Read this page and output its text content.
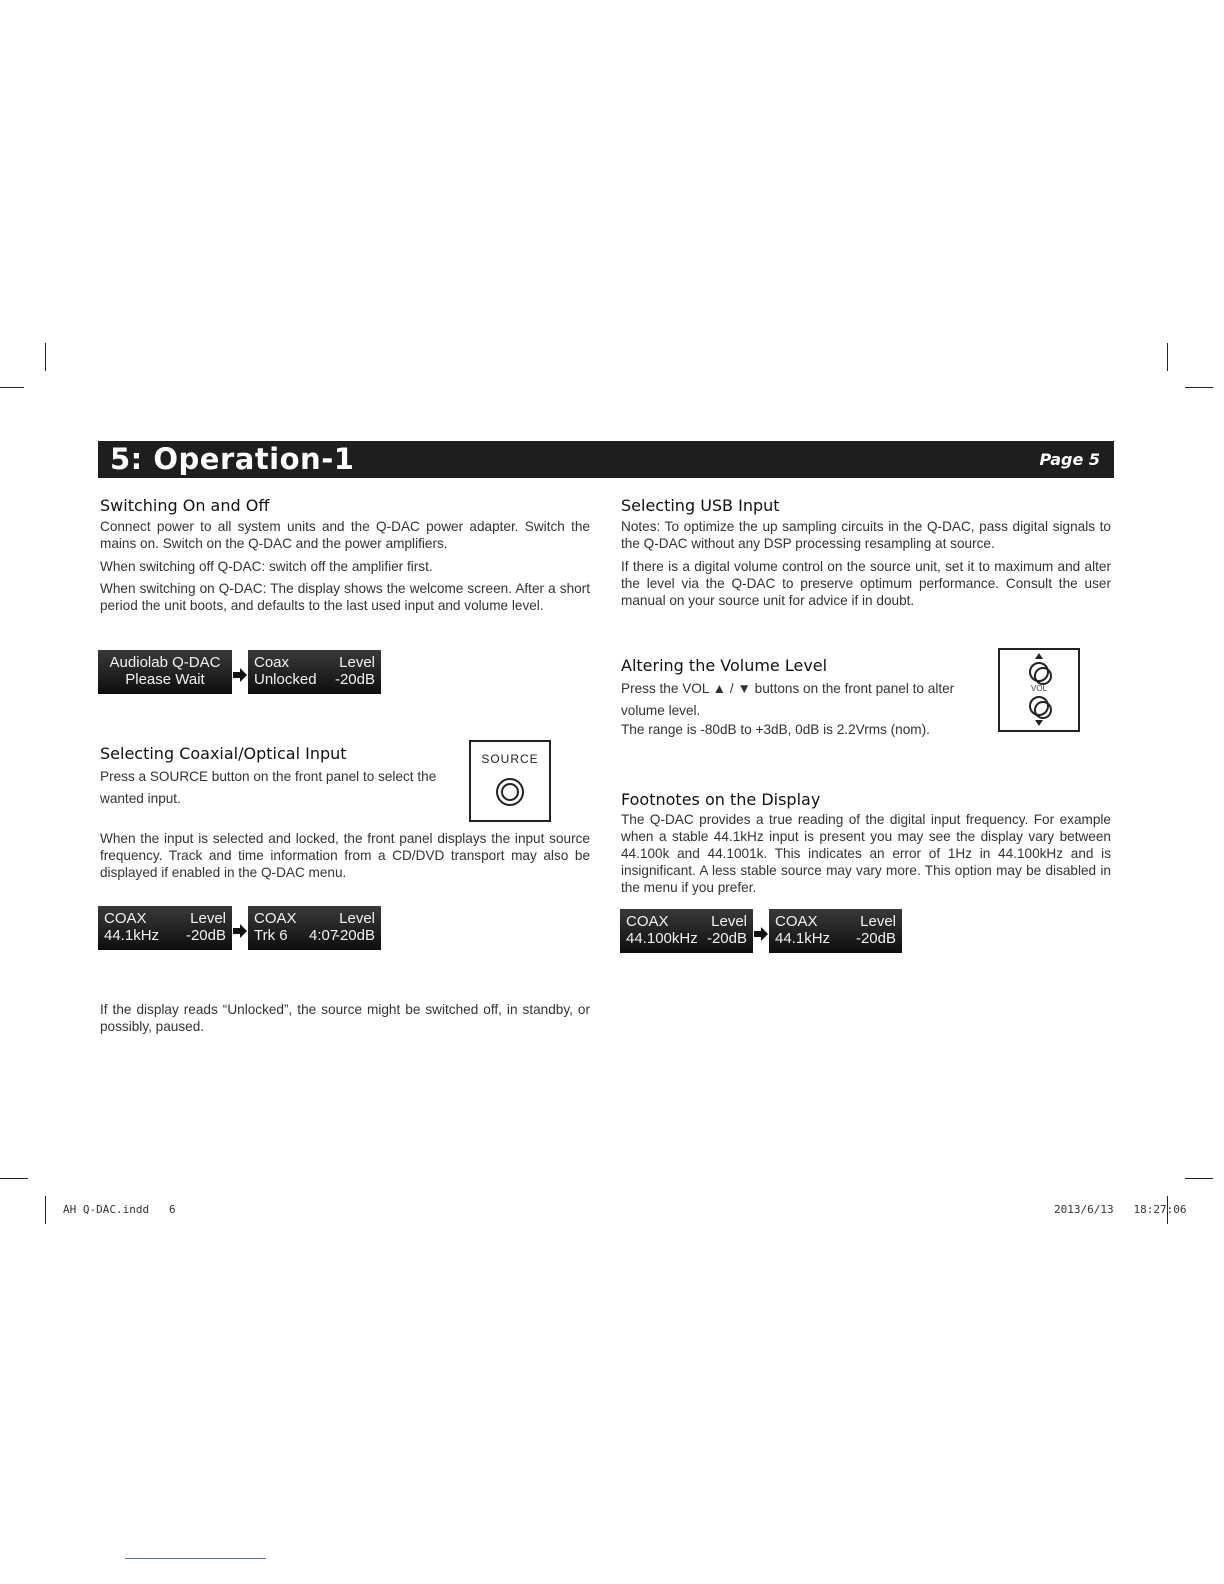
5: Operation-1	Page 5
Switching On and Off
Connect power to all system units and the Q-DAC power adapter. Switch the mains on. Switch on the Q-DAC and the power amplifiers.
When switching off Q-DAC: switch off the amplifier first.
When switching on Q-DAC: The display shows the welcome screen. After a short period the unit boots, and defaults to the last used input and volume level.
Audiolab Q-DAC
Please Wait
Coax	Level
Unlocked -20dB
Selecting Coaxial/Optical Input
Press a SOURCE button on the front panel to select the wanted input.
SOURCE
When the input is selected and locked, the front panel displays the input source frequency. Track and time information from a CD/DVD transport may also be displayed if enabled in the Q-DAC menu.
COAX	Level
44.1kHz -20dB
COAX	Level
Trk 6 4:07
-20dB
If the display reads “Unlocked”, the source might be switched off, in standby, or possibly, paused.
Selecting USB Input
Notes: To optimize the up sampling circuits in the Q-DAC, pass digital signals to the Q-DAC without any DSP processing resampling at source.
If there is a digital volume control on the source unit, set it to maximum and alter the level via the Q-DAC to preserve optimum performance. Consult the user manual on your source unit for advice if in doubt.
Altering the Volume Level
Press the VOL ▲ / ▼ buttons on the front panel to alter volume level.
The range is -80dB to +3dB, 0dB is 2.2Vrms (nom).
VOL
Footnotes on the Display
The Q-DAC provides a true reading of the digital input frequency. For example when a stable 44.1kHz input is present you may see the display vary between 44.100k and 44.1001k. This indicates an error of 1Hz in 44.100kHz and is insignificant. A less stable source may vary more. This option may be disabled in the menu if you prefer.
COAX	Level
44.100kHz -20dB
COAX	Level
44.1kHz -20dB
AH Q-DAC.indd   6	2013/6/13   18:27:06
